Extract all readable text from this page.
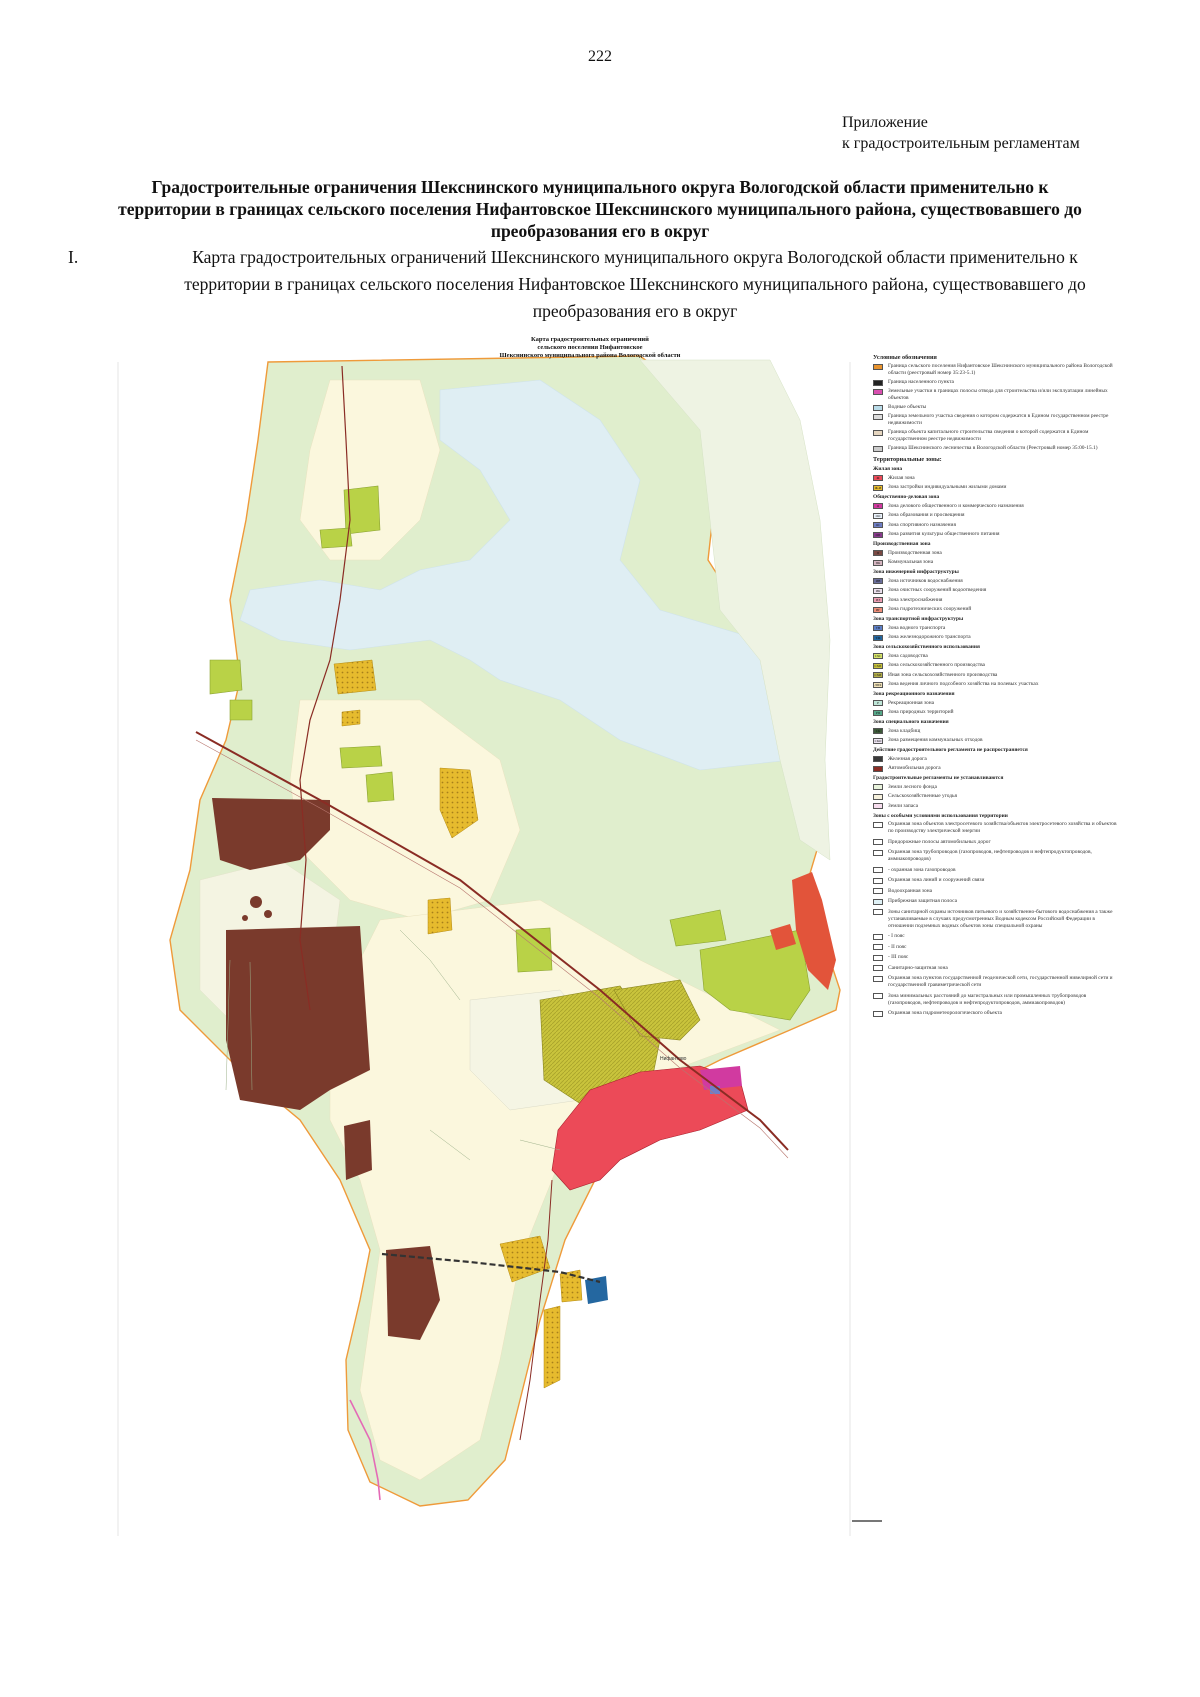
222
Приложение
к градостроительным регламентам
Градостроительные ограничения Шекснинского муниципального округа Вологодской области применительно к
территории в границах сельского поселения Нифантовское Шекснинского муниципального района, существовавшего до
преобразования его в округ
I.	Карта градостроительных ограничений Шекснинского муниципального округа Вологодской области применительно к
территории в границах сельского поселения Нифантовское Шекснинского муниципального района, существовавшего до
преобразования его в округ
Нифантово
Карта градостроительных ограничений
сельского поселения Нифантовское
Шекснинского муниципального района Вологодской области	Условные обозначения
Граница сельского поселения Нифантовское Шекснинского муниципального района Вологодской области (реестровый номер 35:23-5.1)
Граница населенного пункта
Земельные участки в границах полосы отвода для строительства и/или эксплуатации линейных объектов
Водные объекты
Граница земельного участка сведения о котором содержатся в Едином государственном реестре недвижимости
Граница объекта капитального строительства сведения о которой содержатся в Едином государственном реестре недвижимости
Граница Шекснинского лесничества в Вологодской области (Реестровый номер 35:00-15.1)
Территориальные зоны:
Жилая зона
Ж	Жилая зона
Ж-И	Зона застройки индивидуальными жилыми домами
Общественно-деловая зона
О	Зона делового общественного и коммерческого назначения
ОО	Зона образования и просвещения
ОС	Зона спортивного назначения
ОП	Зона развития культуры общественного питания
Производственная зона
П	Производственная зона
ПК	Коммунальная зона
Зона инженерной инфраструктуры
ИВ	Зона источников водоснабжения
ИК	Зона очистных сооружений водоотведения
ИЭ	Зона электроснабжения
ИГ	Зона гидротехнических сооружений
Зона транспортной инфраструктуры
ТВ	Зона водного транспорта
ТЖ	Зона железнодорожного транспорта
Зона сельскохозяйственного использования
СХС	Зона садоводства
СХП Зона сельскохозяйственного производства
СХИ Иная зона сельскохозяйственного производства
ЛПХ Зона ведения личного подсобного хозяйства на полевых участках
Зона рекреационного назначения
Р	Рекреационная зона
РП	Зона природных территорий
Зона специального назначения
СК	Зона кладбищ
СКО	Зона размещения коммунальных отходов
Действие градостроительного регламента не распространяется
Железная дорога
Автомобильная дорога
Градостроительные регламенты не устанавливаются
Земли лесного фонда
Сельскохозяйственные угодья
Земли запаса
Зоны с особыми условиями использования территории
Охранная зона объектов электросетевого хозяйства/объектов электросетевого хозяйства и объектов по производству электрической энергии
Придорожные полосы автомобильных дорог
Охранная зона трубопроводов (газопроводов, нефтепроводов и нефтепродуктопроводов, аммиакопроводов)
- охранная зона газопроводов
Охранная зона линий и сооружений связи
Водоохранная зона
Прибрежная защитная полоса
Зоны санитарной охраны источников питьевого и хозяйственно-бытового водоснабжения а также устанавливаемые в случаях предусмотренных Водным кодексом Российской Федерации в отношении подземных водных объектов зоны специальной охраны
- I пояс
- II пояс
- III пояс
Санитарно-защитная зона
Охранная зона пунктов государственной геодезической сети, государственной нивелирной сети и государственной гравиметрической сети
Зона минимальных расстояний до магистральных или промышленных трубопроводов (газопроводов, нефтепроводов и нефтепродуктопроводов, аммиакопроводов)
Охранная зона гидрометеорологического объекта
